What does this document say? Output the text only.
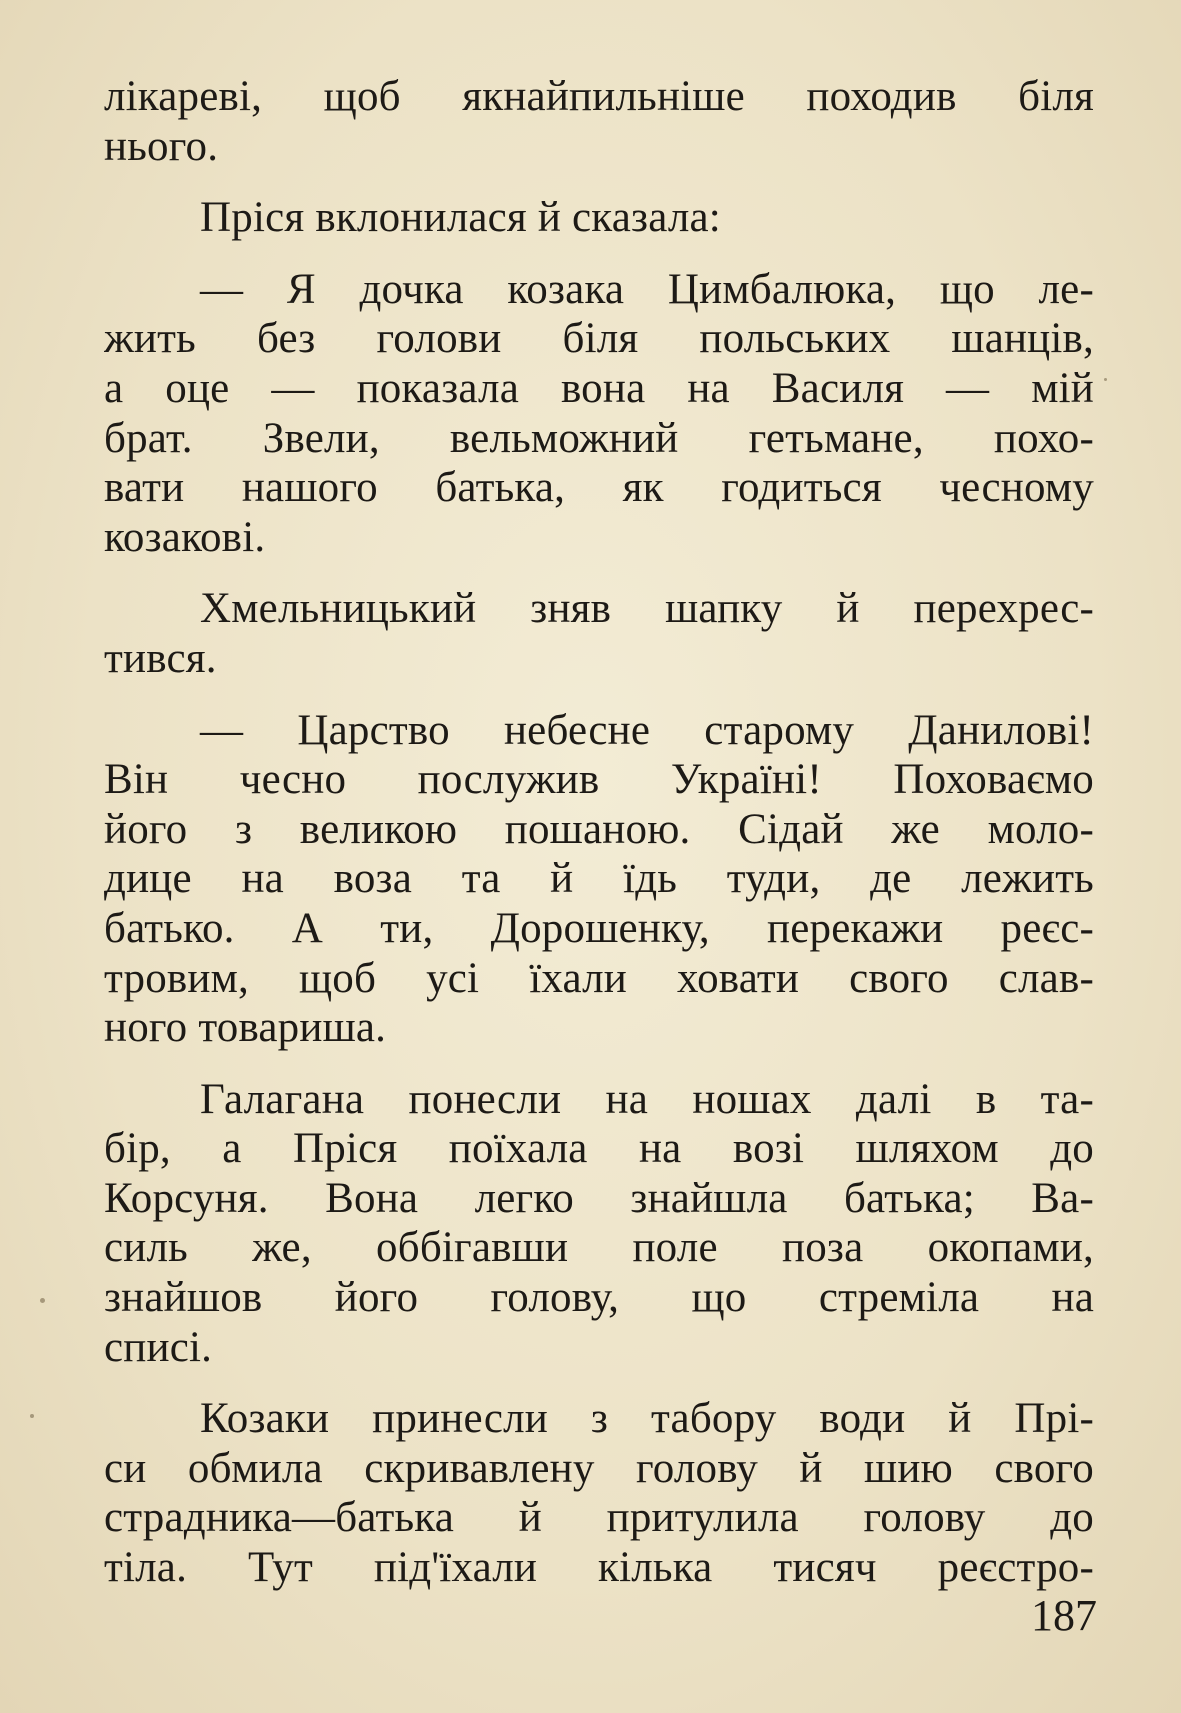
лікареві, щоб якнайпильніше походив біля
нього.
Пріся вклонилася й сказала:
— Я дочка козака Цимбалюка, що ле-
жить без голови біля польських шанців,
а оце — показала вона на Василя — мій
брат. Звели, вельможний гетьмане, похо-
вати нашого батька, як годиться чесному
козакові.
Хмельницький зняв шапку й перехрес-
тився.
— Царство небесне старому Данилові!
Він чесно послужив Україні! Поховаємо
його з великою пошаною. Сідай же моло-
дице на воза та й їдь туди, де лежить
батько. А ти, Дорошенку, перекажи реєс-
тровим, щоб усі їхали ховати свого слав-
ного товариша.
Галагана понесли на ношах далі в та-
бір, а Пріся поїхала на возі шляхом до
Корсуня. Вона легко знайшла батька; Ва-
силь же, оббігавши поле поза окопами,
знайшов його голову, що стреміла на
списі.
Козаки принесли з табору води й Прі-
си обмила скривавлену голову й шию свого
страдника—батька й притулила голову до
тіла. Тут під'їхали кілька тисяч реєстро-
187
